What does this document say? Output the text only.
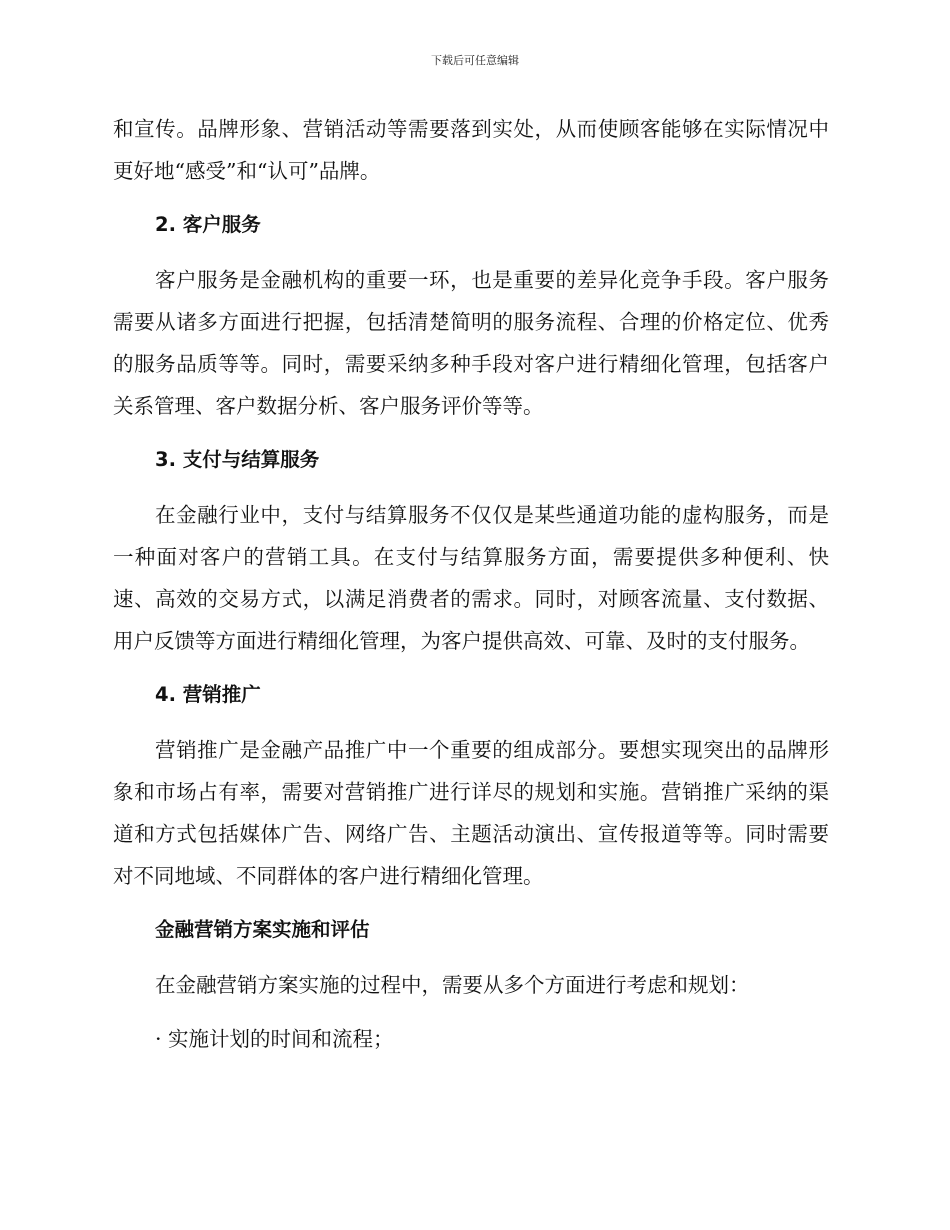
下载后可任意编辑

和宣传。品牌形象、营销活动等需要落到实处，从而使顾客能够在实际情况中更好地“感受”和“认可”品牌。

2. 客户服务

客户服务是金融机构的重要一环，也是重要的差异化竞争手段。客户服务需要从诸多方面进行把握，包括清楚简明的服务流程、合理的价格定位、优秀的服务品质等等。同时，需要采纳多种手段对客户进行精细化管理，包括客户关系管理、客户数据分析、客户服务评价等等。

3. 支付与结算服务

在金融行业中，支付与结算服务不仅仅是某些通道功能的虚构服务，而是一种面对客户的营销工具。在支付与结算服务方面，需要提供多种便利、快速、高效的交易方式，以满足消费者的需求。同时，对顾客流量、支付数据、用户反馈等方面进行精细化管理，为客户提供高效、可靠、及时的支付服务。

4. 营销推广

营销推广是金融产品推广中一个重要的组成部分。要想实现突出的品牌形象和市场占有率，需要对营销推广进行详尽的规划和实施。营销推广采纳的渠道和方式包括媒体广告、网络广告、主题活动演出、宣传报道等等。同时需要对不同地域、不同群体的客户进行精细化管理。

金融营销方案实施和评估

在金融营销方案实施的过程中，需要从多个方面进行考虑和规划：

· 实施计划的时间和流程；
